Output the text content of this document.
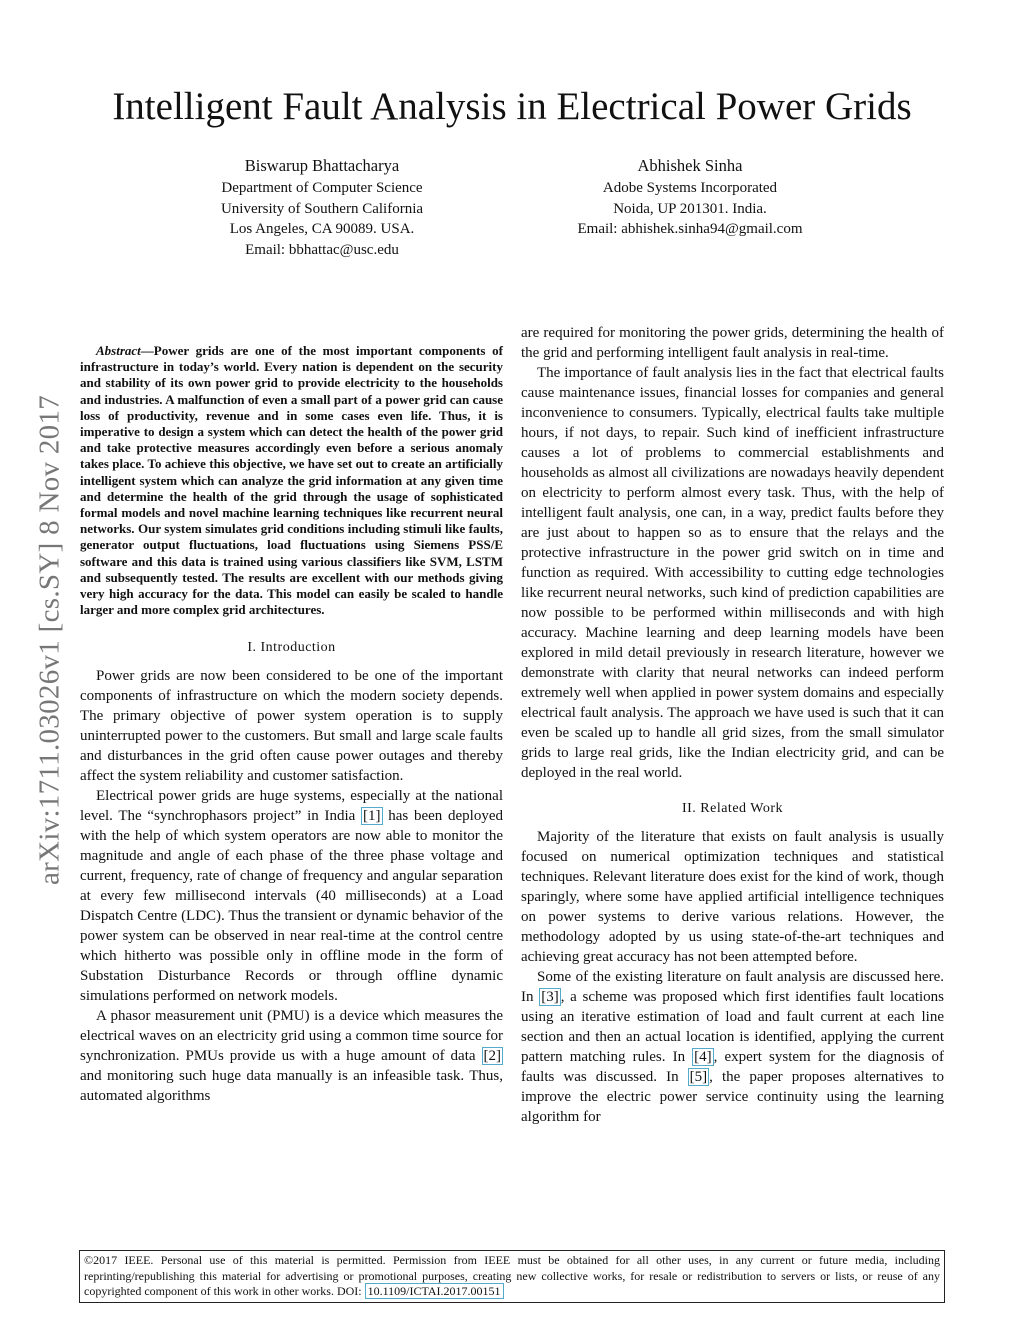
Intelligent Fault Analysis in Electrical Power Grids
Biswarup Bhattacharya
Department of Computer Science
University of Southern California
Los Angeles, CA 90089. USA.
Email: bbhattac@usc.edu
Abhishek Sinha
Adobe Systems Incorporated
Noida, UP 201301. India.
Email: abhishek.sinha94@gmail.com
arXiv:1711.03026v1 [cs.SY] 8 Nov 2017

Abstract—Power grids are one of the most important components of infrastructure in today’s world. Every nation is dependent on the security and stability of its own power grid to provide electricity to the households and industries. A malfunction of even a small part of a power grid can cause loss of productivity, revenue and in some cases even life. Thus, it is imperative to design a system which can detect the health of the power grid and take protective measures accordingly even before a serious anomaly takes place. To achieve this objective, we have set out to create an artificially intelligent system which can analyze the grid information at any given time and determine the health of the grid through the usage of sophisticated formal models and novel machine learning techniques like recurrent neural networks. Our system simulates grid conditions including stimuli like faults, generator output fluctuations, load fluctuations using Siemens PSS/E software and this data is trained using various classifiers like SVM, LSTM and subsequently tested. The results are excellent with our methods giving very high accuracy for the data. This model can easily be scaled to handle larger and more complex grid architectures.

I. Introduction

Power grids are now been considered to be one of the important components of infrastructure on which the modern society depends. The primary objective of power system operation is to supply uninterrupted power to the customers. But small and large scale faults and disturbances in the grid often cause power outages and thereby affect the system reliability and customer satisfaction.

Electrical power grids are huge systems, especially at the national level. The “synchrophasors project” in India [1] has been deployed with the help of which system operators are now able to monitor the magnitude and angle of each phase of the three phase voltage and current, frequency, rate of change of frequency and angular separation at every few millisecond intervals (40 milliseconds) at a Load Dispatch Centre (LDC). Thus the transient or dynamic behavior of the power system can be observed in near real-time at the control centre which hitherto was possible only in offline mode in the form of Substation Disturbance Records or through offline dynamic simulations performed on network models.

A phasor measurement unit (PMU) is a device which measures the electrical waves on an electricity grid using a common time source for synchronization. PMUs provide us with a huge amount of data [2] and monitoring such huge data manually is an infeasible task. Thus, automated algorithms

are required for monitoring the power grids, determining the health of the grid and performing intelligent fault analysis in real-time.

The importance of fault analysis lies in the fact that electrical faults cause maintenance issues, financial losses for companies and general inconvenience to consumers. Typically, electrical faults take multiple hours, if not days, to repair. Such kind of inefficient infrastructure causes a lot of problems to commercial establishments and households as almost all civilizations are nowadays heavily dependent on electricity to perform almost every task. Thus, with the help of intelligent fault analysis, one can, in a way, predict faults before they are just about to happen so as to ensure that the relays and the protective infrastructure in the power grid switch on in time and function as required. With accessibility to cutting edge technologies like recurrent neural networks, such kind of prediction capabilities are now possible to be performed within milliseconds and with high accuracy. Machine learning and deep learning models have been explored in mild detail previously in research literature, however we demonstrate with clarity that neural networks can indeed perform extremely well when applied in power system domains and especially electrical fault analysis. The approach we have used is such that it can even be scaled up to handle all grid sizes, from the small simulator grids to large real grids, like the Indian electricity grid, and can be deployed in the real world.

II. Related Work

Majority of the literature that exists on fault analysis is usually focused on numerical optimization techniques and statistical techniques. Relevant literature does exist for the kind of work, though sparingly, where some have applied artificial intelligence techniques on power systems to derive various relations. However, the methodology adopted by us using state-of-the-art techniques and achieving great accuracy has not been attempted before.

Some of the existing literature on fault analysis are discussed here. In [3] , a scheme was proposed which first identifies fault locations using an iterative estimation of load and fault current at each line section and then an actual location is identified, applying the current pattern matching rules. In [4] , expert system for the diagnosis of faults was discussed. In [5] , the paper proposes alternatives to improve the electric power service continuity using the learning algorithm for

©2017 IEEE. Personal use of this material is permitted. Permission from IEEE must be obtained for all other uses, in any current or future media, including reprinting/republishing this material for advertising or promotional purposes, creating new collective works, for resale or redistribution to servers or lists, or reuse of any copyrighted component of this work in other works. DOI: 10.1109/ICTAI.2017.00151
